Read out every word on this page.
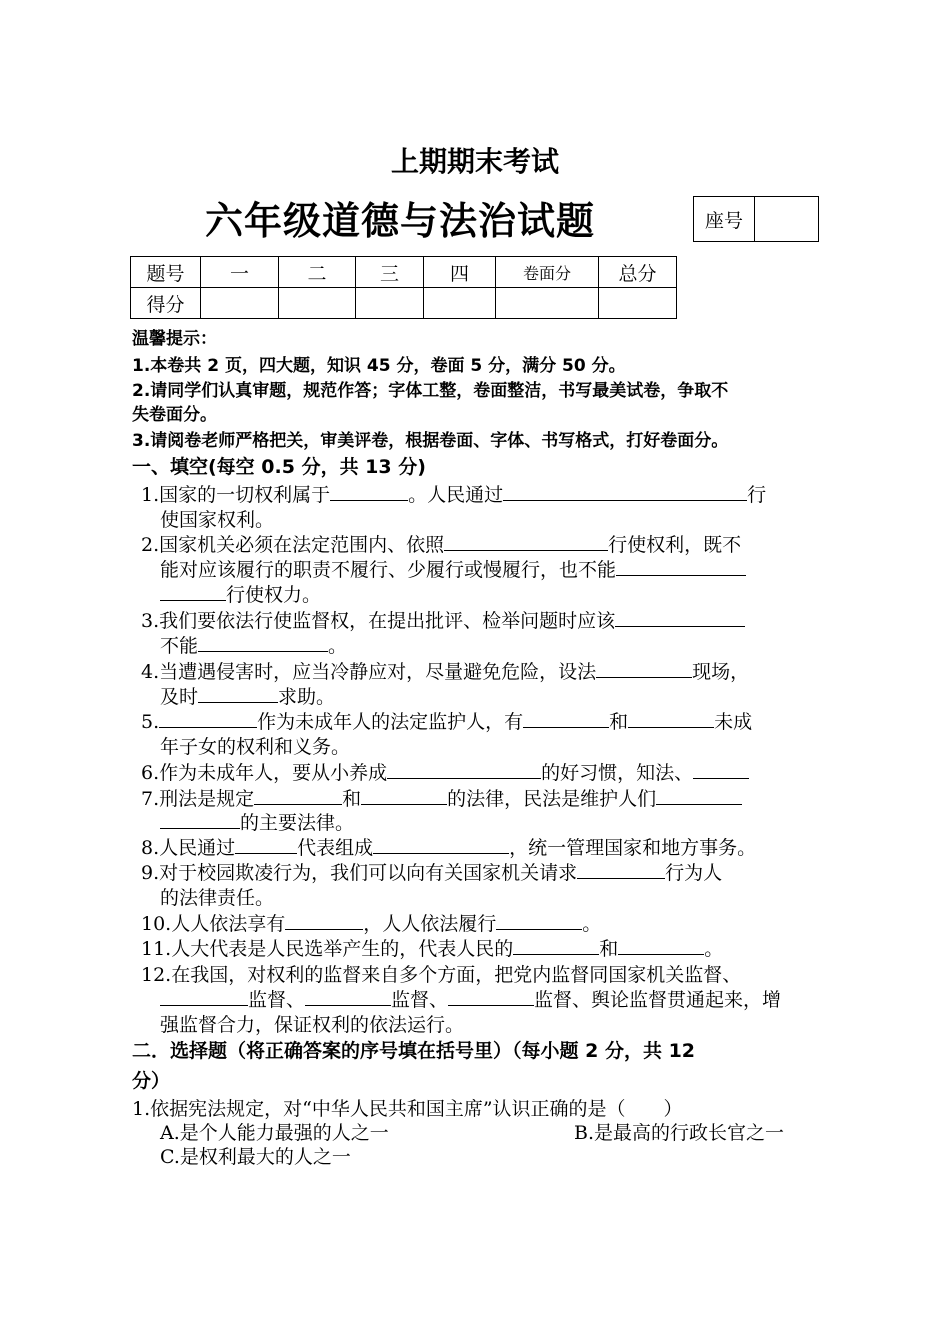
上期期末考试
六年级道德与法治试题	座号	
题号	一	二	三	四	卷面分	总分
得分						
温馨提示：
1.本卷共 2 页，四大题，知识 45 分，卷面 5 分，满分 50 分。
2.请同学们认真审题，规范作答；字体工整，卷面整洁，书写最美试卷，争取不
失卷面分。
3.请阅卷老师严格把关，审美评卷，根据卷面、字体、书写格式，打好卷面分。
一、填空(每空 0.5 分，共 13 分)
1.国家的一切权利属于	。人民通过	行
使国家权利。
2.国家机关必须在法定范围内、依照	行使权利，既不
能对应该履行的职责不履行、少履行或慢履行，也不能
行使权力。
3.我们要依法行使监督权，在提出批评、检举问题时应该
不能	。
4.当遭遇侵害时，应当冷静应对，尽量避免危险，设法	现场，
及时	求助。
5.	作为未成年人的法定监护人，有	和	未成
年子女的权利和义务。
6.作为未成年人，要从小养成	的好习惯，知法、
7.刑法是规定	和	的法律，民法是维护人们
的主要法律。
8.人民通过	代表组成	，统一管理国家和地方事务。
9.对于校园欺凌行为，我们可以向有关国家机关请求	行为人
的法律责任。
10.人人依法享有	，人人依法履行	。
11.人大代表是人民选举产生的，代表人民的	和	。
12.在我国，对权利的监督来自多个方面，把党内监督同国家机关监督、
监督、	监督、	监督、舆论监督贯通起来，增
强监督合力，保证权利的依法运行。
二．选择题（将正确答案的序号填在括号里）（每小题 2 分，共 12
分）
1.依据宪法规定，对“中华人民共和国主席”认识正确的是（　　）
A.是个人能力最强的人之一	B.是最高的行政长官之一
C.是权利最大的人之一
